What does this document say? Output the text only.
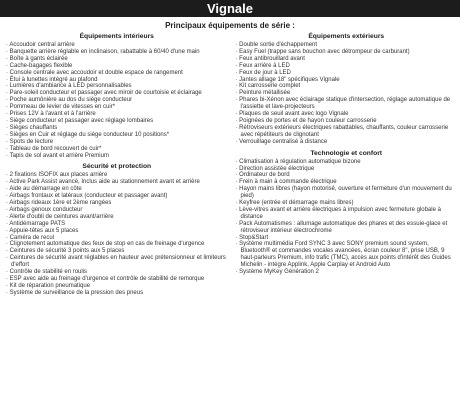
Vignale
Principaux équipements de série :
Équipements intérieurs
· Accoudoir central arrière
· Banquette arrière réglable en inclinaison, rabattable à 60/40 d'une main
· Boîte à gants éclairée
· Cache-bagages flexible
· Console centrale avec accoudoir et double espace de rangement
· Étui à lunettes intégré au plafond
· Lumières d'ambiance à LED personnalisables
· Pare-soleil conducteur et passager avec miroir de courtoisie et éclairage
· Poche aumônière au dos du siège conducteur
· Pommeau de levier de vitesses en cuir*
· Prises 12V à l'avant et à l'arrière
· Siège conducteur et passager avec réglage lombaires
· Sièges chauffants
· Sièges en Cuir et réglage du siège conducteur 10 positions*
· Spots de lecture
· Tableau de bord recouvert de cuir*
· Tapis de sol avant et arrière Premium
Sécurité et protection
· 2 fixations ISOFIX aux places arrière
· Active Park Assist avancé, Inclus aide au stationnement avant et arrière
· Aide au démarrage en côte
· Airbags frontaux et latéraux (conducteur et passager avant)
· Airbags rideaux 1ère et 2ème rangées
· Airbags genoux conducteur
· Alerte d'oubli de ceintures avant/arrière
· Antidémarrage PATS
· Appuie-têtes aux 5 places
· Caméra de recul
· Clignotement automatique des feux de stop en cas de freinage d'urgence
· Ceintures de sécurité 3 points aux 5 places
· Ceintures de sécurité avant réglables en hauteur avec prétensionneur et limiteurs d'effort
· Contrôle de stabilité en roulis
· ESP avec aide au freinage d'urgence et contrôle de stabilité de remorque
· Kit de réparation pneumatique
· Système de surveillance de la pression des pneus
Équipements extérieurs
· Double sortie d'échappement
· Easy Fuel (trappe sans bouchon avec détrompeur de carburant)
· Feux antibrouillard avant
· Feux arrière à LED
· Feux de jour à LED
· Jantes alliage 18" spécifiques Vignale
· Kit carrosserie complet
· Peinture métallisée
· Phares bi-Xénon avec éclairage statique d'intersection, réglage automatique de l'assiette et lave-projecteurs
· Plaques de seuil avant avec logo Vignale
· Poignées de portes et de hayon couleur carrosserie
· Rétroviseurs extérieurs électriques rabattables, chauffants, couleur carrosserie avec répétiteurs de clignotant
· Verrouillage centralisé à distance
Technologie et confort
· Climatisation à régulation automatique bizone
· Direction assistée électrique
· Ordinateur de bord
· Frein à main à commande électrique
· Hayon mains libres (hayon motorisé, ouverture et fermeture d'un mouvement du pied)
· Keyfree (entrée et démarrage mains libres)
· Lève-vitres avant et arrière électriques à impulsion avec fermeture globale à distance
· Pack Automatismes : allumage automatique des phares et des essuie-glace et rétroviseur intérieur électrochrome
· Stop&Start
· Système multimédia Ford SYNC 3 avec SONY premium sound system, Bluetooth® et commandes vocales avancées, écran couleur 8", prise USB, 9 haut-parleurs Premium, info trafic (TMC), accès aux points d'intérêt des Guides Michelin - intégre Applink, Apple Carplay et Android Auto
· Système MyKey Génération 2
